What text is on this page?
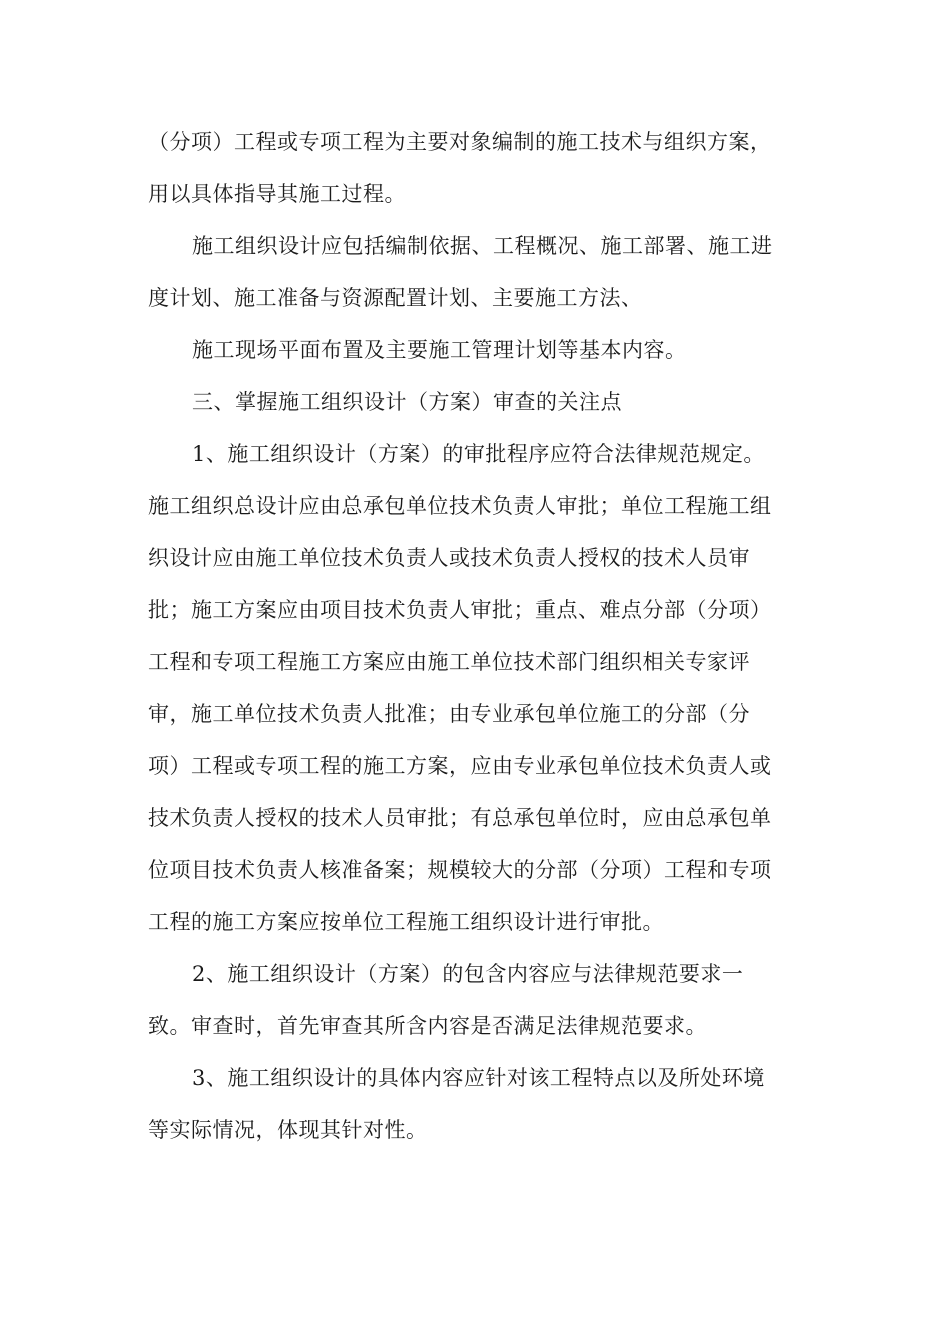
（分项）工程或专项工程为主要对象编制的施工技术与组织方案，
用以具体指导其施工过程。
施工组织设计应包括编制依据、工程概况、施工部署、施工进
度计划、施工准备与资源配置计划、主要施工方法、
施工现场平面布置及主要施工管理计划等基本内容。
三、掌握施工组织设计（方案）审查的关注点
1、施工组织设计（方案）的审批程序应符合法律规范规定。
施工组织总设计应由总承包单位技术负责人审批；单位工程施工组
织设计应由施工单位技术负责人或技术负责人授权的技术人员审
批；施工方案应由项目技术负责人审批；重点、难点分部（分项）
工程和专项工程施工方案应由施工单位技术部门组织相关专家评
审，施工单位技术负责人批准；由专业承包单位施工的分部（分
项）工程或专项工程的施工方案，应由专业承包单位技术负责人或
技术负责人授权的技术人员审批；有总承包单位时，应由总承包单
位项目技术负责人核准备案；规模较大的分部（分项）工程和专项
工程的施工方案应按单位工程施工组织设计进行审批。
2、施工组织设计（方案）的包含内容应与法律规范要求一
致。审查时，首先审查其所含内容是否满足法律规范要求。
3、施工组织设计的具体内容应针对该工程特点以及所处环境
等实际情况，体现其针对性。
